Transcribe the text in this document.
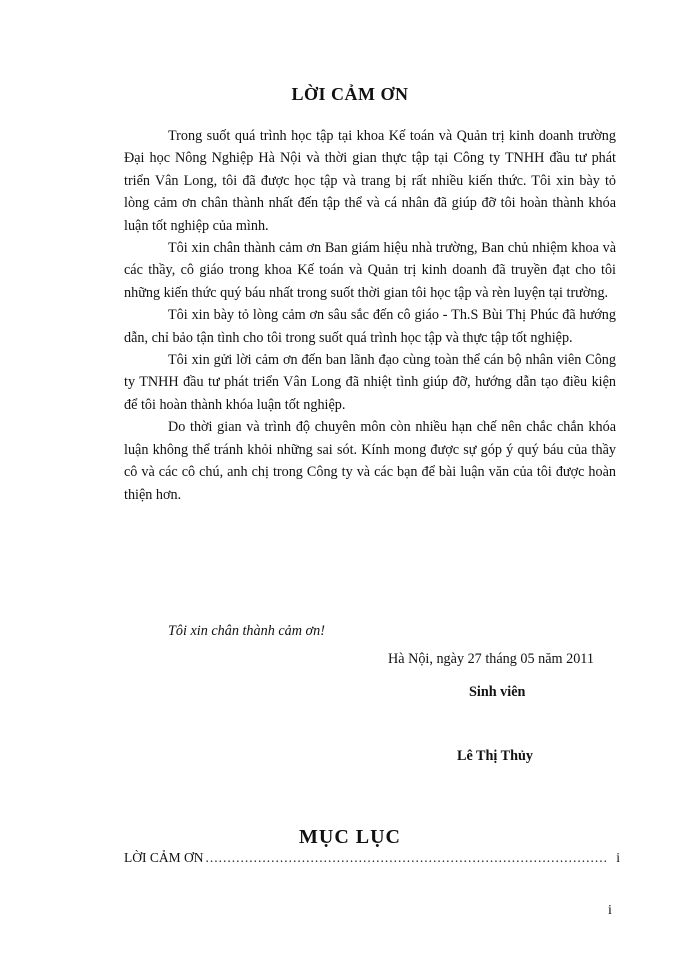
LỜI CẢM ƠN

Trong suốt quá trình học tập tại khoa Kế toán và Quản trị kinh doanh trường Đại học Nông Nghiệp Hà Nội và thời gian thực tập tại Công ty TNHH đầu tư phát triển Vân Long, tôi đã được học tập và trang bị rất nhiều kiến thức. Tôi xin bày tỏ lòng cảm ơn chân thành nhất đến tập thể và cá nhân đã giúp đỡ tôi hoàn thành khóa luận tốt nghiệp của mình.

Tôi xin chân thành cảm ơn Ban giám hiệu nhà trường, Ban chủ nhiệm khoa và các thầy, cô giáo trong khoa Kế toán và Quản trị kinh doanh đã truyền đạt cho tôi những kiến thức quý báu nhất trong suốt thời gian tôi học tập và rèn luyện tại trường.

Tôi xin bày tỏ lòng cảm ơn sâu sắc đến cô giáo - Th.S Bùi Thị Phúc đã hướng dẫn, chỉ bảo tận tình cho tôi trong suốt quá trình học tập và thực tập tốt nghiệp.

Tôi xin gửi lời cảm ơn đến ban lãnh đạo cùng toàn thể cán bộ nhân viên Công ty TNHH đầu tư phát triển Vân Long đã nhiệt tình giúp đỡ, hướng dẫn tạo điều kiện để tôi hoàn thành khóa luận tốt nghiệp.

Do thời gian và trình độ chuyên môn còn nhiều hạn chế nên chắc chắn khóa luận không thể tránh khỏi những sai sót. Kính mong được sự góp ý quý báu của thầy cô và các cô chú, anh chị trong Công ty và các bạn để bài luận văn của tôi được hoàn thiện hơn.

Tôi xin chân thành cảm ơn!
Hà Nội, ngày 27 tháng 05 năm 2011
Sinh viên
Lê Thị Thủy
MỤC LỤC
LỜI CẢM ƠN
.....	i
i
